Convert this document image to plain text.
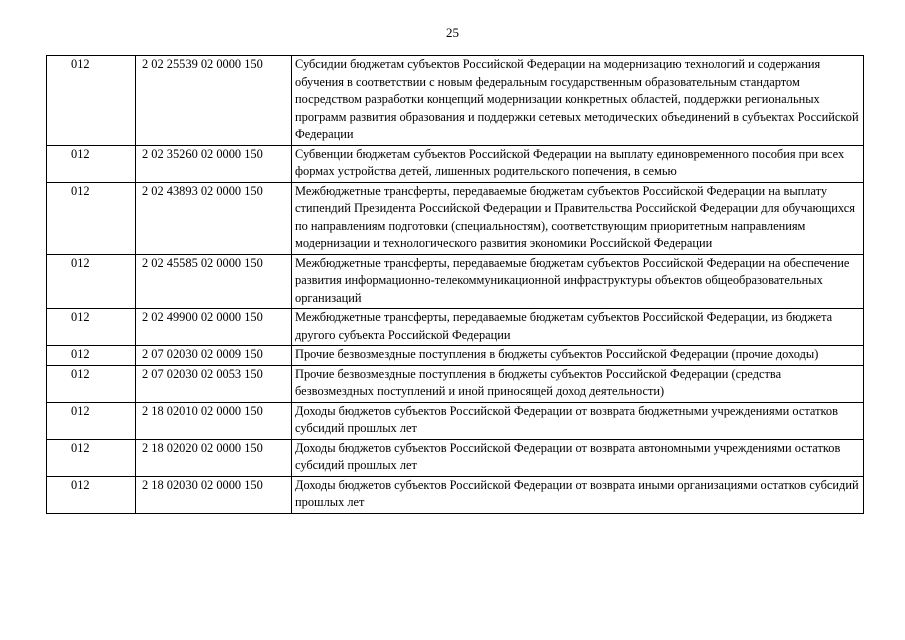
25
012	2 02 25539 02 0000 150	Субсидии бюджетам субъектов Российской Федерации на модернизацию технологий и содержания обучения в соответствии с новым федеральным государственным образовательным стандартом посредством разработки концепций модернизации конкретных областей, поддержки региональных программ развития образования и поддержки сетевых методических объединений в субъектах Российской Федерации
012	2 02 35260 02 0000 150	Субвенции бюджетам субъектов Российской Федерации на выплату единовременного пособия при всех формах устройства детей, лишенных родительского попечения, в семью
012	2 02 43893 02 0000 150	Межбюджетные трансферты, передаваемые бюджетам субъектов Российской Федерации на выплату стипендий Президента Российской Федерации и Правительства Российской Федерации для обучающихся по направлениям подготовки (специальностям), соответствующим приоритетным направлениям модернизации и технологического развития экономики Российской Федерации
012	2 02 45585 02 0000 150	Межбюджетные трансферты, передаваемые бюджетам субъектов Российской Федерации на обеспечение развития информационно-телекоммуникационной инфраструктуры объектов общеобразовательных организаций
012	2 02 49900 02 0000 150	Межбюджетные трансферты, передаваемые бюджетам субъектов Российской Федерации, из бюджета другого субъекта Российской Федерации
012	2 07 02030 02 0009 150	Прочие безвозмездные поступления в бюджеты субъектов Российской Федерации (прочие доходы)
012	2 07 02030 02 0053 150	Прочие безвозмездные поступления в бюджеты субъектов Российской Федерации (средства безвозмездных поступлений и иной приносящей доход деятельности)
012	2 18 02010 02 0000 150	Доходы бюджетов субъектов Российской Федерации от возврата бюджетными учреждениями остатков субсидий прошлых лет
012	2 18 02020 02 0000 150	Доходы бюджетов субъектов Российской Федерации от возврата автономными учреждениями остатков субсидий прошлых лет
012	2 18 02030 02 0000 150	Доходы бюджетов субъектов Российской Федерации от возврата иными организациями остатков субсидий прошлых лет
